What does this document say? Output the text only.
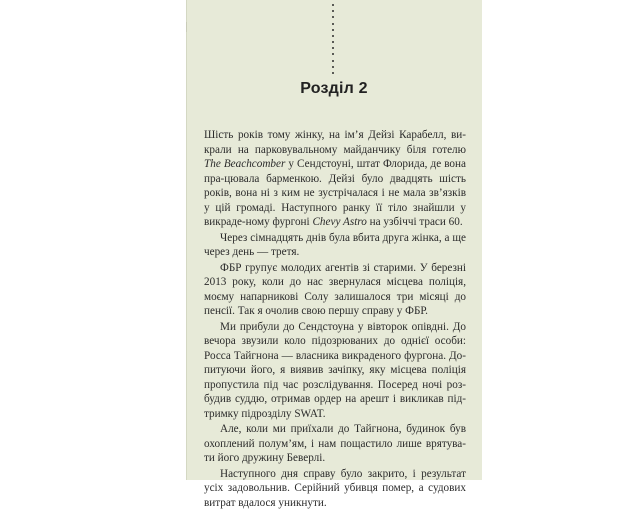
Розділ 2

Шість років тому жінку, на ім’я Дейзі Карабелл, ви-крали на парковувальному майданчику біля готелю The Beachcomber у Сендстоуні, штат Флорида, де вона пра-цювала барменкою. Дейзі було двадцять шість років, вона ні з ким не зустрічалася і не мала зв’язків у цій громаді. Наступного ранку її тіло знайшли у викраде-ному фургоні Chevy Astro на узбіччі траси 60.

Через сімнадцять днів була вбита друга жінка, а ще через день — третя.

ФБР групує молодих агентів зі старими. У березні 2013 року, коли до нас звернулася місцева поліція, моєму напарникові Солу залишалося три місяці до пенсії. Так я очолив свою першу справу у ФБР.

Ми прибули до Сендстоуна у вівторок опівдні. До вечора звузили коло підозрюваних до однієї особи: Росса Тайгнона — власника викраденого фургона. До-питуючи його, я виявив зачіпку, яку місцева поліція пропустила під час розслідування. Посеред ночі роз-будив суддю, отримав ордер на арешт і викликав під-тримку підрозділу SWAT.

Але, коли ми приїхали до Тайгнона, будинок був охоплений полум’ям, і нам пощастило лише врятува-ти його дружину Беверлі.

Наступного дня справу було закрито, і результат усіх задовольнив. Серійний убивця помер, а судових витрат вдалося уникнути.
